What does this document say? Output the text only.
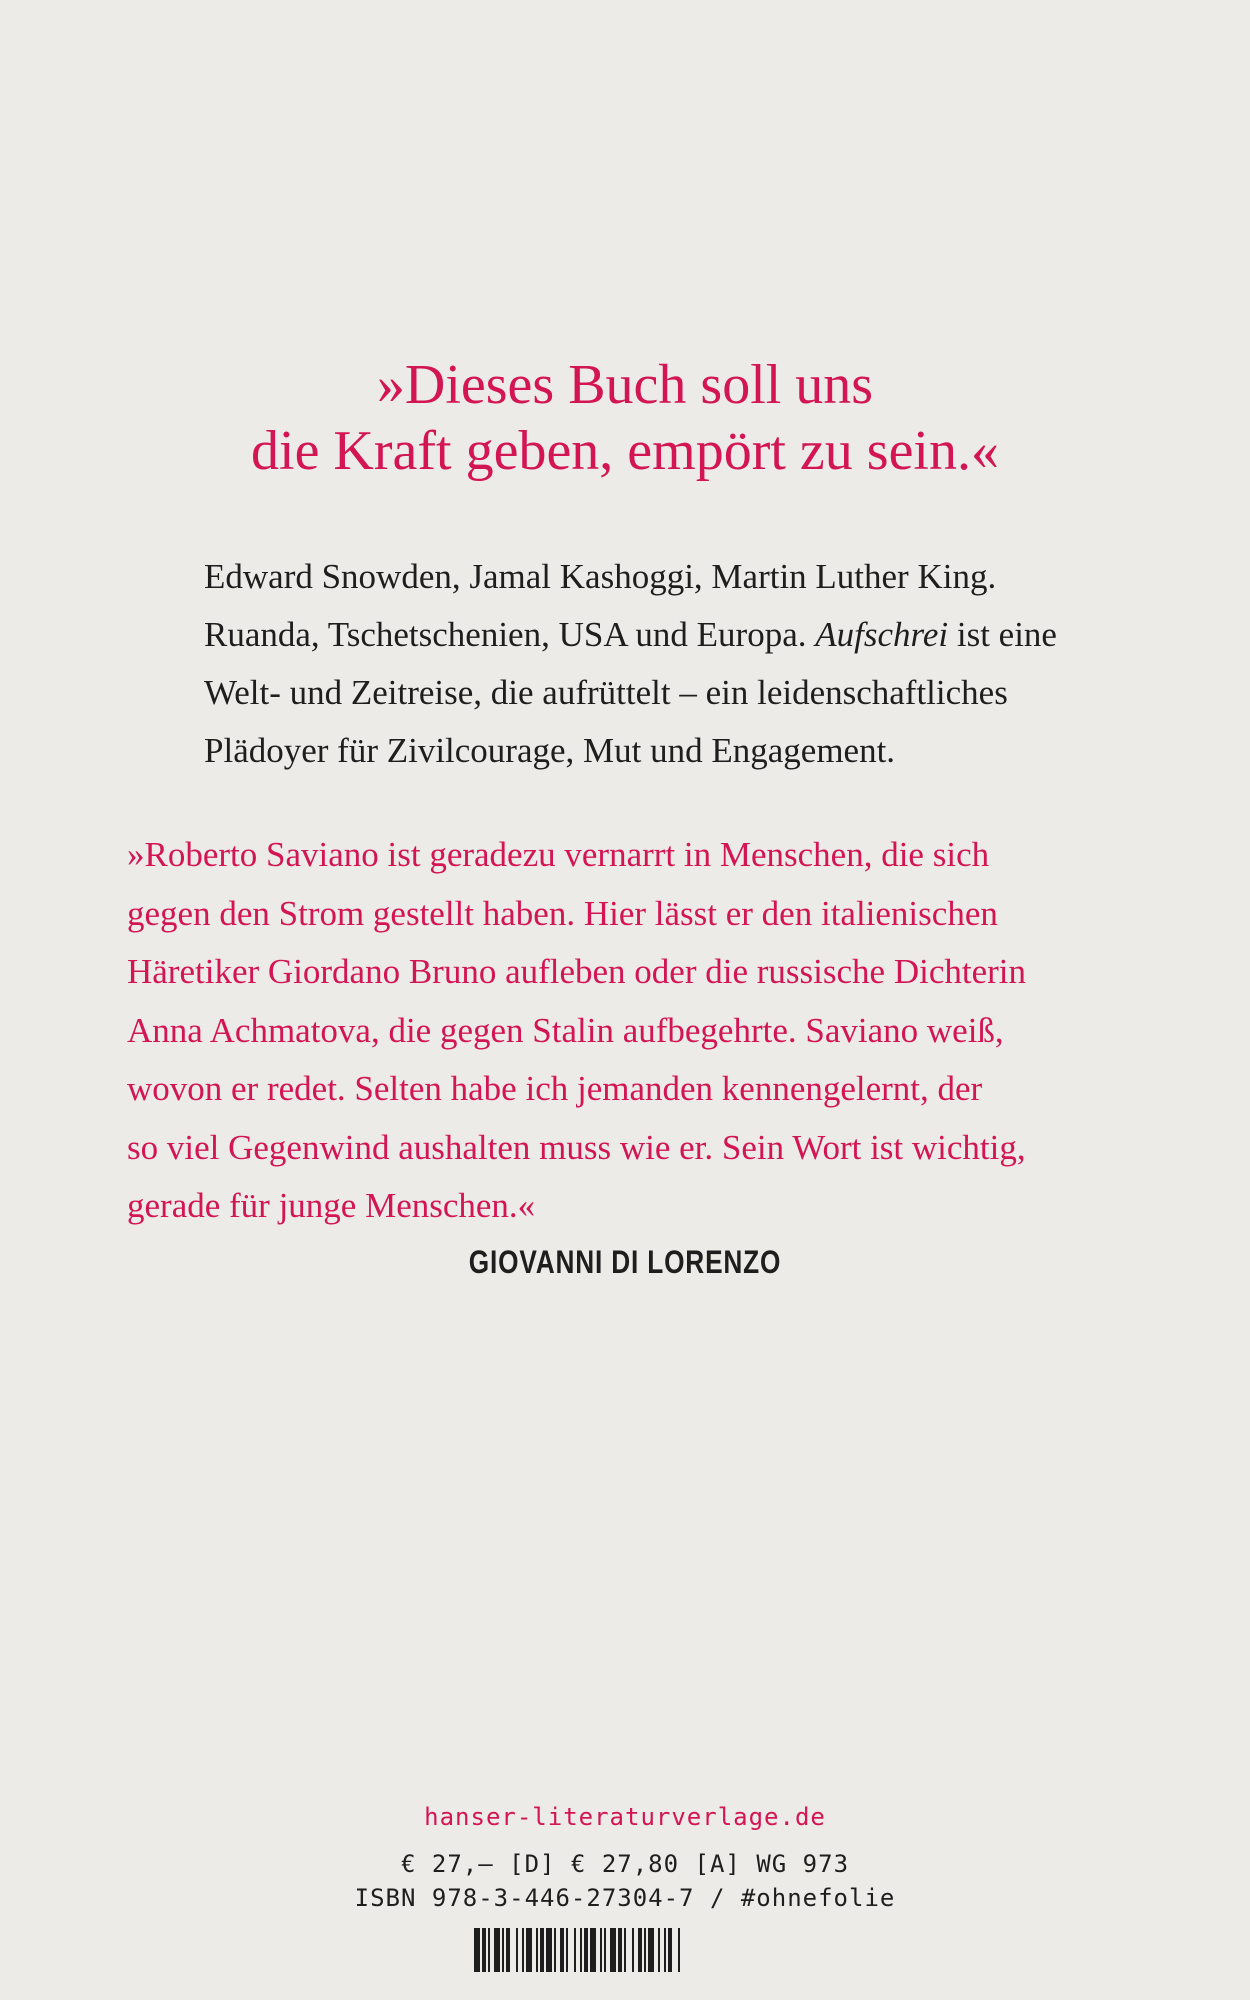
»Dieses Buch soll uns
die Kraft geben, empört zu sein.«
Edward Snowden, Jamal Kashoggi, Martin Luther King.
Ruanda, Tschetschenien, USA und Europa. Aufschrei ist eine
Welt- und Zeitreise, die aufrüttelt – ein leidenschaftliches
Plädoyer für Zivilcourage, Mut und Engagement.
»Roberto Saviano ist geradezu vernarrt in Menschen, die sich
gegen den Strom gestellt haben. Hier lässt er den italienischen
Häretiker Giordano Bruno aufleben oder die russische Dichterin
Anna Achmatova, die gegen Stalin aufbegehrte. Saviano weiß,
wovon er redet. Selten habe ich jemanden kennengelernt, der
so viel Gegenwind aushalten muss wie er. Sein Wort ist wichtig,
gerade für junge Menschen.«
GIOVANNI DI LORENZO
hanser-literaturverlage.de
€ 27,– [D] € 27,80 [A] WG 973
ISBN 978-3-446-27304-7 / #ohnefolie
